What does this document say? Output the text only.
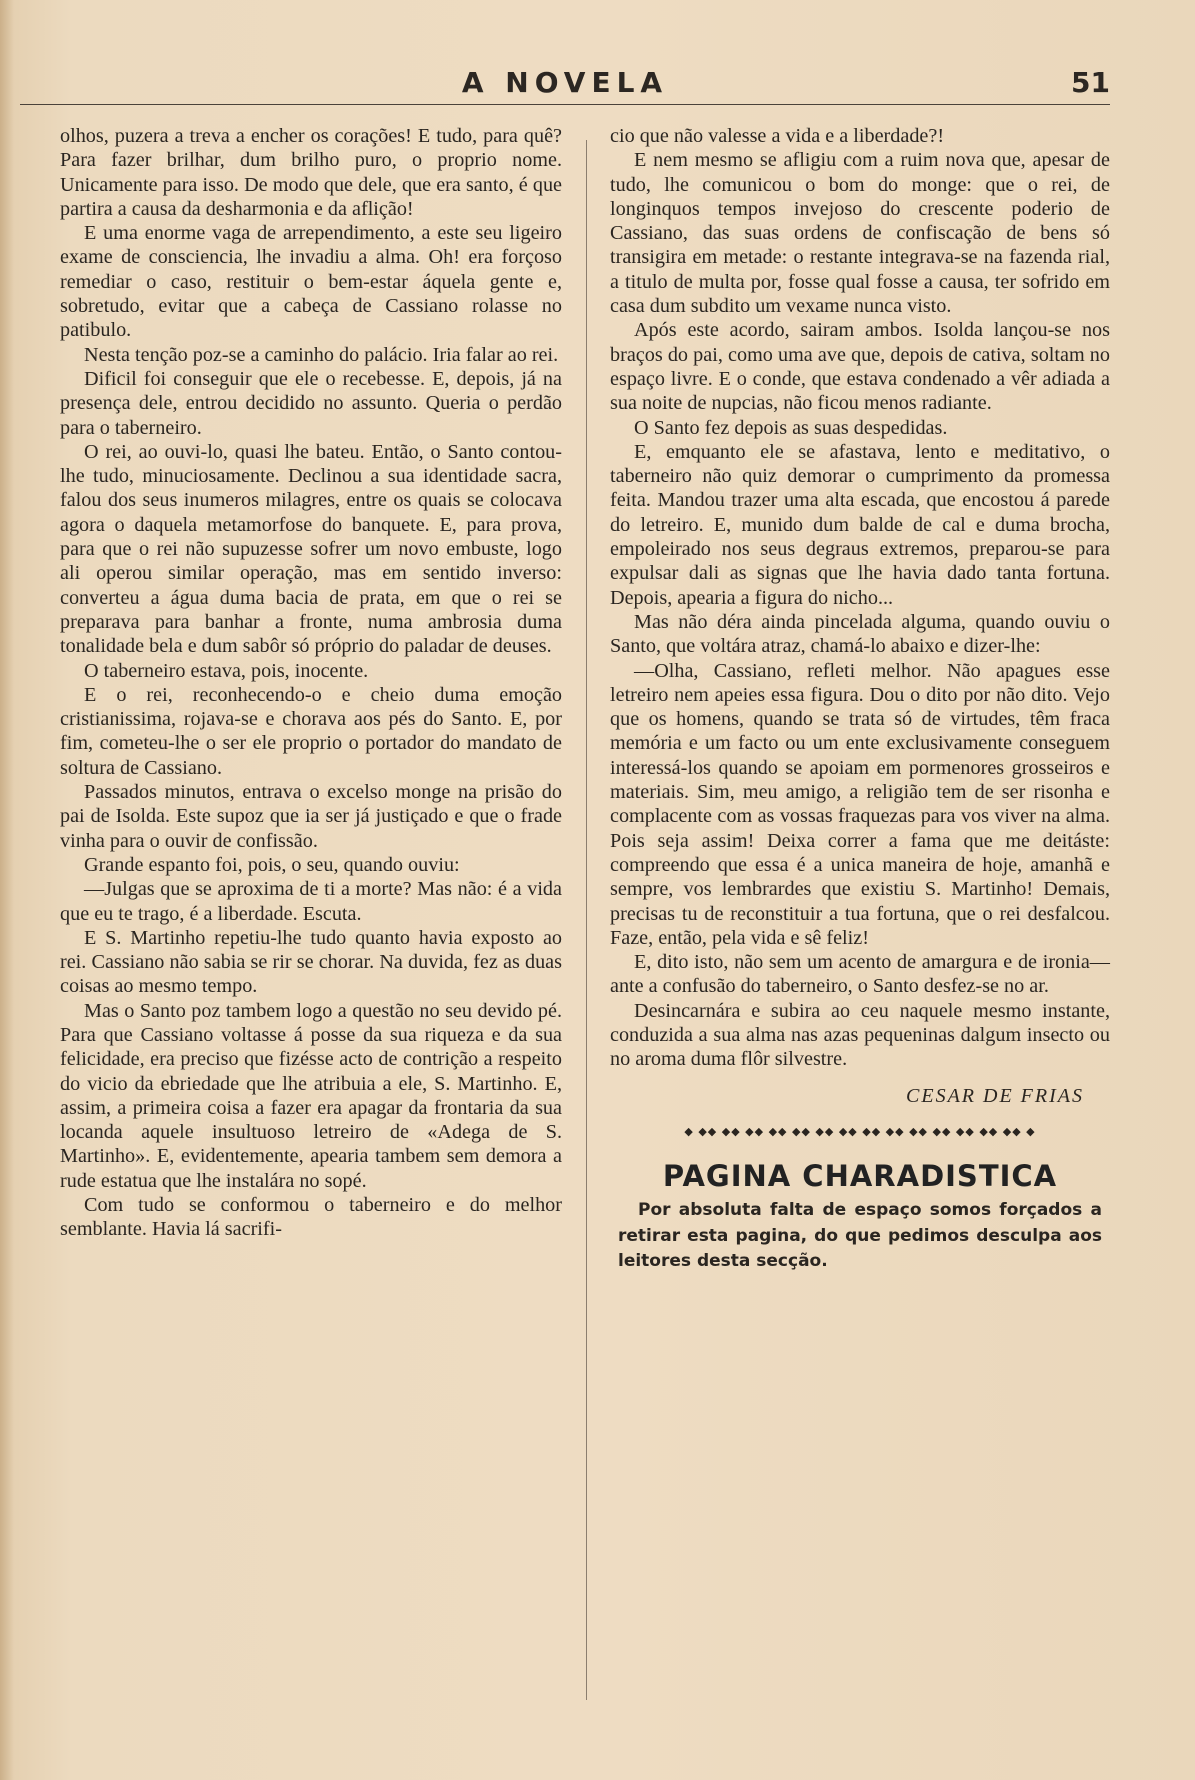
A NOVELA	51

olhos, puzera a treva a encher os corações! E tudo, para quê? Para fazer brilhar, dum brilho puro, o proprio nome. Unicamente para isso. De modo que dele, que era santo, é que partira a causa da desharmonia e da aflição!

E uma enorme vaga de arrependimento, a este seu ligeiro exame de consciencia, lhe invadiu a alma. Oh! era forçoso remediar o caso, restituir o bem-estar áquela gente e, sobretudo, evitar que a cabeça de Cassiano rolasse no patibulo.

Nesta tenção poz-se a caminho do palácio. Iria falar ao rei.

Dificil foi conseguir que ele o recebesse. E, depois, já na presença dele, entrou decidido no assunto. Queria o perdão para o taberneiro.

O rei, ao ouvi-lo, quasi lhe bateu. Então, o Santo contou-lhe tudo, minuciosamente. Declinou a sua identidade sacra, falou dos seus inumeros milagres, entre os quais se colocava agora o daquela metamorfose do banquete. E, para prova, para que o rei não supuzesse sofrer um novo embuste, logo ali operou similar operação, mas em sentido inverso: converteu a água duma bacia de prata, em que o rei se preparava para banhar a fronte, numa ambrosia duma tonalidade bela e dum sabôr só próprio do paladar de deuses.

O taberneiro estava, pois, inocente.

E o rei, reconhecendo-o e cheio duma emoção cristianissima, rojava-se e chorava aos pés do Santo. E, por fim, cometeu-lhe o ser ele proprio o portador do mandato de soltura de Cassiano.

Passados minutos, entrava o excelso monge na prisão do pai de Isolda. Este supoz que ia ser já justiçado e que o frade vinha para o ouvir de confissão.

Grande espanto foi, pois, o seu, quando ouviu:

—Julgas que se aproxima de ti a morte? Mas não: é a vida que eu te trago, é a liberdade. Escuta.

E S. Martinho repetiu-lhe tudo quanto havia exposto ao rei. Cassiano não sabia se rir se chorar. Na duvida, fez as duas coisas ao mesmo tempo.

Mas o Santo poz tambem logo a questão no seu devido pé. Para que Cassiano voltasse á posse da sua riqueza e da sua felicidade, era preciso que fizésse acto de contrição a respeito do vicio da ebriedade que lhe atribuia a ele, S. Martinho. E, assim, a primeira coisa a fazer era apagar da frontaria da sua locanda aquele insultuoso letreiro de «Adega de S. Martinho». E, evidentemente, apearia tambem sem demora a rude estatua que lhe instalára no sopé.

Com tudo se conformou o taberneiro e do melhor semblante. Havia lá sacrifi-

cio que não valesse a vida e a liberdade?!

E nem mesmo se afligiu com a ruim nova que, apesar de tudo, lhe comunicou o bom do monge: que o rei, de longinquos tempos invejoso do crescente poderio de Cassiano, das suas ordens de confiscação de bens só transigira em metade: o restante integrava-se na fazenda rial, a titulo de multa por, fosse qual fosse a causa, ter sofrido em casa dum subdito um vexame nunca visto.

Após este acordo, sairam ambos. Isolda lançou-se nos braços do pai, como uma ave que, depois de cativa, soltam no espaço livre. E o conde, que estava condenado a vêr adiada a sua noite de nupcias, não ficou menos radiante.

O Santo fez depois as suas despedidas.

E, emquanto ele se afastava, lento e meditativo, o taberneiro não quiz demorar o cumprimento da promessa feita. Mandou trazer uma alta escada, que encostou á parede do letreiro. E, munido dum balde de cal e duma brocha, empoleirado nos seus degraus extremos, preparou-se para expulsar dali as signas que lhe havia dado tanta fortuna. Depois, apearia a figura do nicho...

Mas não déra ainda pincelada alguma, quando ouviu o Santo, que voltára atraz, chamá-lo abaixo e dizer-lhe:

—Olha, Cassiano, refleti melhor. Não apagues esse letreiro nem apeies essa figura. Dou o dito por não dito. Vejo que os homens, quando se trata só de virtudes, têm fraca memória e um facto ou um ente exclusivamente conseguem interessá-los quando se apoiam em pormenores grosseiros e materiais. Sim, meu amigo, a religião tem de ser risonha e complacente com as vossas fraquezas para vos viver na alma. Pois seja assim! Deixa correr a fama que me deitáste: compreendo que essa é a unica maneira de hoje, amanhã e sempre, vos lembrardes que existiu S. Martinho! Demais, precisas tu de reconstituir a tua fortuna, que o rei desfalcou. Faze, então, pela vida e sê feliz!

E, dito isto, não sem um acento de amargura e de ironia—ante a confusão do taberneiro, o Santo desfez-se no ar.

Desincarnára e subira ao ceu naquele mesmo instante, conduzida a sua alma nas azas pequeninas dalgum insecto ou no aroma duma flôr silvestre.

CESAR DE FRIAS
◆ ◆◆ ◆◆ ◆◆ ◆◆ ◆◆ ◆◆ ◆◆ ◆◆ ◆◆ ◆◆ ◆◆ ◆◆ ◆◆ ◆◆ ◆
PAGINA CHARADISTICA

Por absoluta falta de espaço somos forçados a retirar esta pagina, do que pedimos desculpa aos leitores desta secção.
